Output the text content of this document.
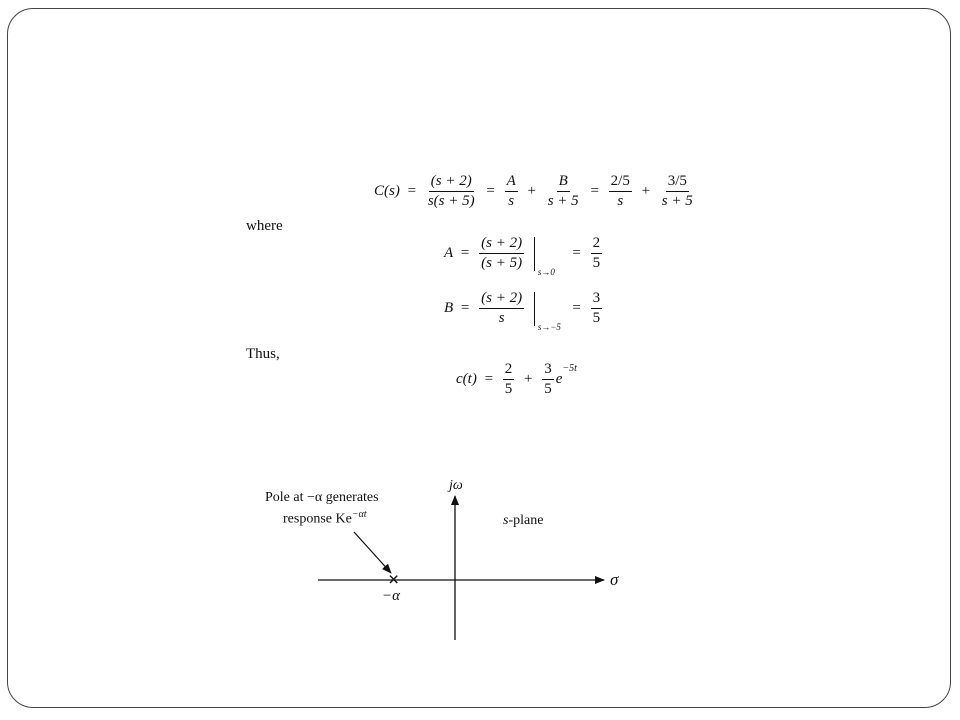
$C(s) = \frac{(s + 2)}{s(s + 5)} = \frac{A}{s} + \frac{B}{s + 5} = \frac{2/5}{s} + \frac{3/5}{s + 5}$
where
$A = \frac{(s + 2)}{(s + 5)}$

s→0
= $\frac{2}{5}$
$B = \frac{(s + 2)}{s}$

s→−5
= $\frac{3}{5}$
Thus,
$c(t) = \frac{2}{5} + \frac{3}{5} e^{-5t}$
×
−α
Pole at −α generates
response $Ke^{-\alpha t}$
jω
σ
s-plane
